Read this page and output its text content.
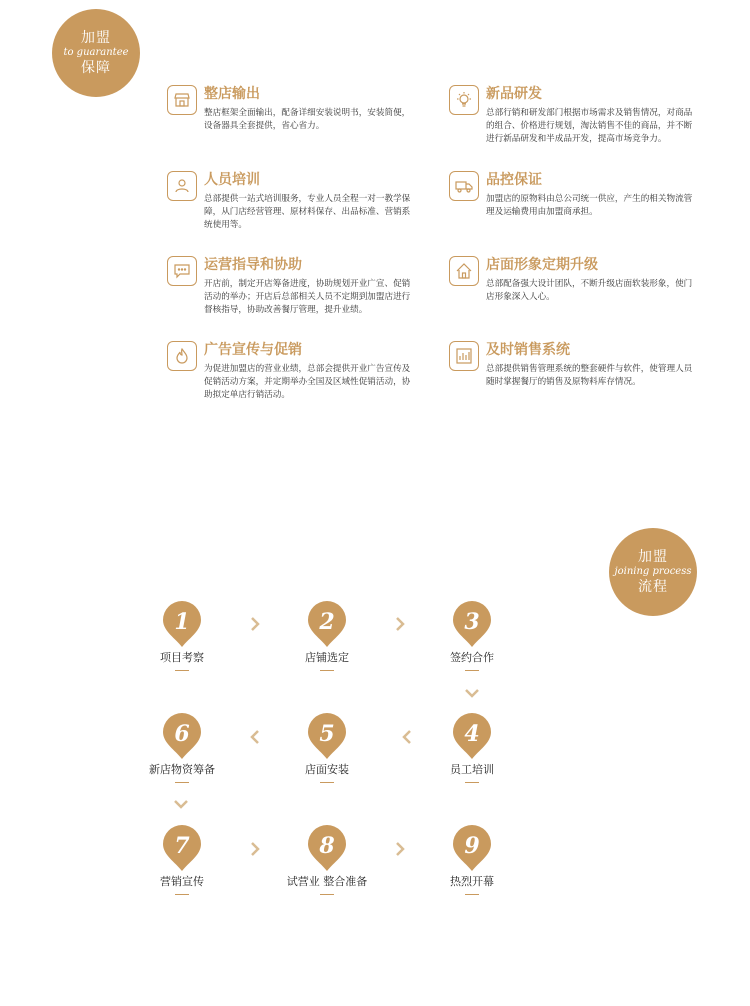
加盟
to guarantee
保障
整店输出

整店框架全面输出，配备详细安装说明书，安装简便，设备器具全套提供，省心省力。

新品研发

总部行销和研发部门根据市场需求及销售情况，对商品的组合、价格进行规划，淘汰销售不佳的商品，并不断进行新品研发和半成品开发，提高市场竞争力。

人员培训

总部提供一站式培训服务，专业人员全程一对一教学保障，从门店经营管理、原材料保存、出品标准、营销系统使用等。

品控保证

加盟店的原物料由总公司统一供应，产生的相关物流管理及运输费用由加盟商承担。

运营指导和协助

开店前，制定开店筹备进度，协助规划开业广宣、促销活动的举办；开店后总部相关人员不定期到加盟店进行督核指导，协助改善餐厅管理，提升业绩。

店面形象定期升级

总部配备强大设计团队，不断升级店面软装形象，使门店形象深入人心。

广告宣传与促销

为促进加盟店的营业业绩，总部会提供开业广告宣传及促销活动方案，并定期举办全国及区域性促销活动，协助拟定单店行销活动。

及时销售系统

总部提供销售管理系统的整套硬件与软件，使管理人员随时掌握餐厅的销售及原物料库存情况。

加盟
joining process
流程
1
项目考察
2
店铺选定
3
签约合作
4
员工培训
5
店面安装
6
新店物资筹备
7
营销宣传
8
试营业 整合准备
9
热烈开幕
